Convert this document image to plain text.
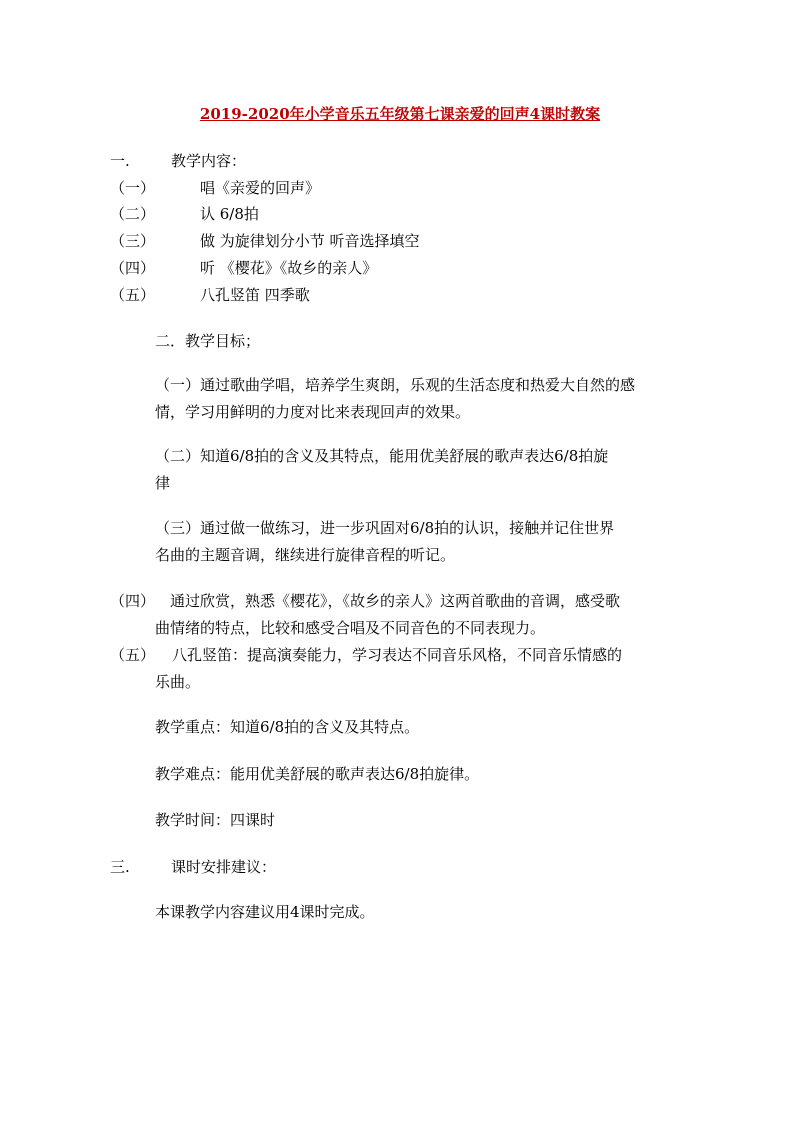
2019-2020年小学音乐五年级第七课亲爱的回声4课时教案
一.	教学内容：
（一）	唱《亲爱的回声》
（二）	认 6/8拍
（三）	做 为旋律划分小节 听音选择填空
（四）	听 《樱花》《故乡的亲人》
（五）	八孔竖笛 四季歌
二．教学目标；
（一）通过歌曲学唱，培养学生爽朗，乐观的生活态度和热爱大自然的感
情，学习用鲜明的力度对比来表现回声的效果。
（二）知道6/8拍的含义及其特点，能用优美舒展的歌声表达6/8拍旋
律
（三）通过做一做练习，进一步巩固对6/8拍的认识，接触并记住世界
名曲的主题音调，继续进行旋律音程的听记。
（四） 通过欣赏，熟悉《樱花》，《故乡的亲人》这两首歌曲的音调，感受歌
曲情绪的特点，比较和感受合唱及不同音色的不同表现力。
（五） 八孔竖笛：提高演奏能力，学习表达不同音乐风格，不同音乐情感的
乐曲。
教学重点：知道6/8拍的含义及其特点。
教学难点：能用优美舒展的歌声表达6/8拍旋律。
教学时间：四课时
三.	课时安排建议：
本课教学内容建议用4课时完成。
